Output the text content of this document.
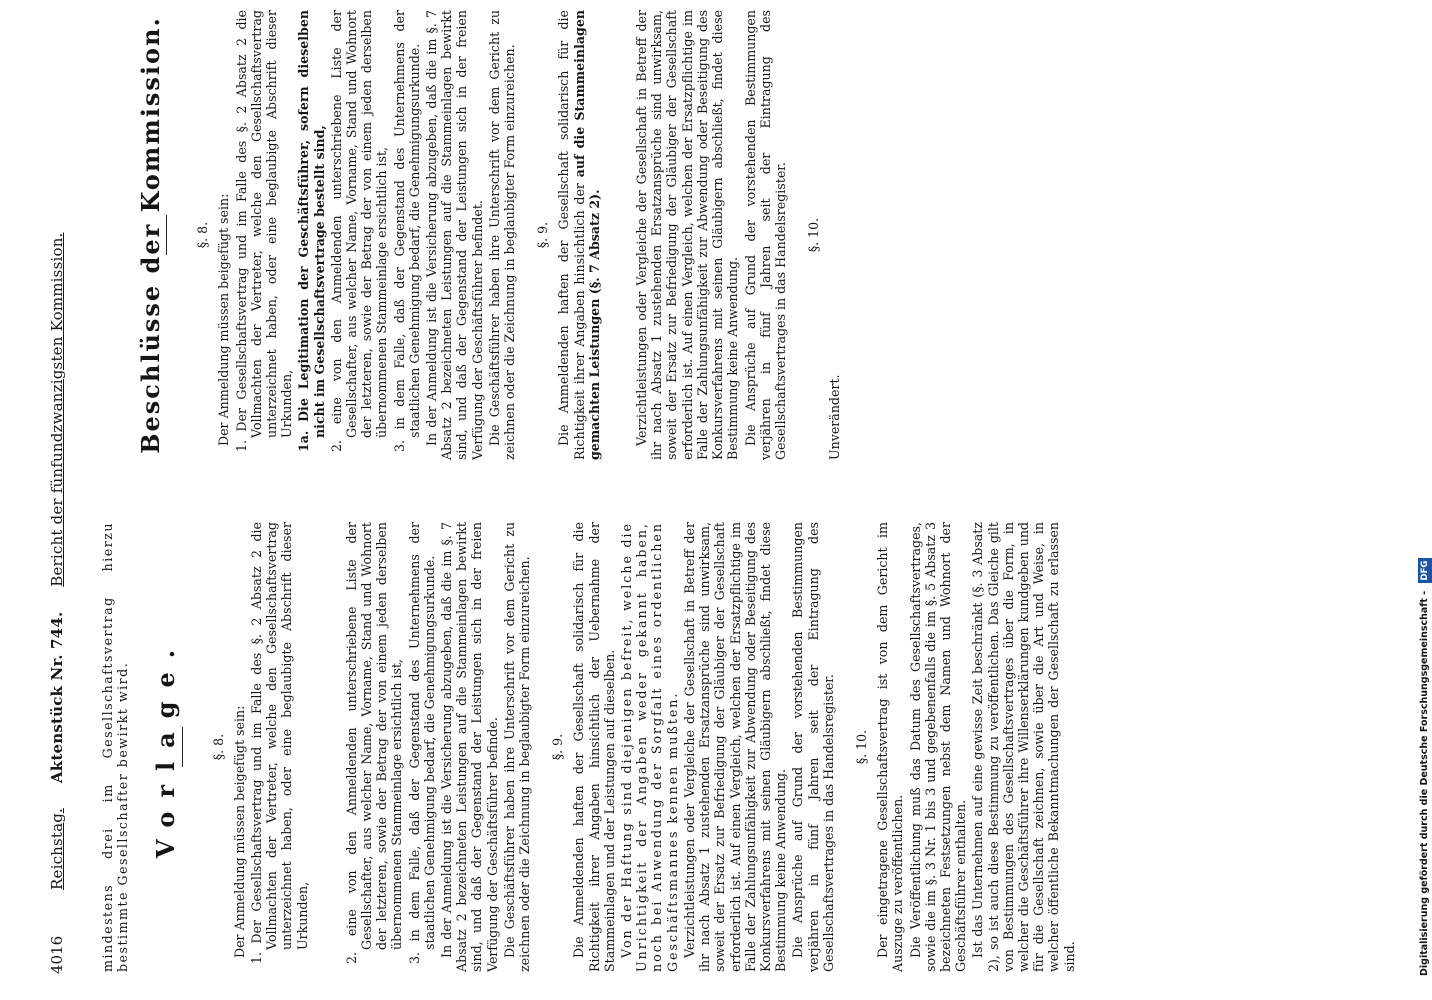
4016
Reichstag.     Aktenstück Nr. 744.     Bericht der fünfundzwanzigsten Kommission.

mindestens drei im Gesellschaftsvertrag hierzu bestimmte Gesellschafter bewirkt wird. Vorlage. §. 8. Der Anmeldung müssen beigefügt sein: 1. Der Gesellschaftsvertrag und im Falle des §. 2 Absatz 2 die Vollmachten der Vertreter, welche den Gesellschaftsvertrag unterzeichnet haben, oder eine beglaubigte Abschrift dieser Urkunden,	2. eine von den Anmeldenden unterschriebene Liste der Gesellschafter, aus welcher Name, Vorname, Stand und Wohnort der letzteren, sowie der Betrag der von einem jeden derselben übernommenen Stammeinlage ersichtlich ist, 3. in dem Falle, daß der Gegenstand des Unternehmens der staatlichen Genehmigung bedarf, die Genehmigungsurkunde. In der Anmeldung ist die Versicherung abzugeben, daß die im §. 7 Absatz 2 bezeichneten Leistungen auf die Stammeinlagen bewirkt sind, und daß der Gegenstand der Leistungen sich in der freien Verfügung der Geschäftsführer befinde. Die Geschäftsführer haben ihre Unterschrift vor dem Gericht zu zeichnen oder die Zeichnung in beglaubigter Form einzureichen. §. 9. Die Anmeldenden haften der Gesellschaft solidarisch für die Richtigkeit ihrer Angaben hinsichtlich der Uebernahme der Stammeinlagen und der Leistungen auf dieselben. Von der Haftung sind diejenigen befreit, welche die Unrichtigkeit der Angaben weder gekannt haben, noch bei Anwendung der Sorgfalt eines ordentlichen Geschäftsmannes kennen mußten. Verzichtleistungen oder Vergleiche der Gesellschaft in Betreff der ihr nach Absatz 1 zustehenden Ersatzansprüche sind unwirksam, soweit der Ersatz zur Befriedigung der Gläubiger der Gesellschaft erforderlich ist. Auf einen Vergleich, welchen der Ersatzpflichtige im Falle der Zahlungsunfähigkeit zur Abwendung oder Beseitigung des Konkursverfahrens mit seinen Gläubigern abschließt, findet diese Bestimmung keine Anwendung. Die Ansprüche auf Grund der vorstehenden Bestimmungen verjähren in fünf Jahren seit der Eintragung des Gesellschaftsvertrages in das Handelsregister. §. 10. Der eingetragene Gesellschaftsvertrag ist von dem Gericht im Auszuge zu veröffentlichen. Die Veröffentlichung muß das Datum des Gesellschaftsvertrages, sowie die im §. 3 Nr. 1 bis 3 und gegebenenfalls die im §. 5 Absatz 3 bezeichneten Festsetzungen nebst dem Namen und Wohnort der Geschäftsführer enthalten. Ist das Unternehmen auf eine gewisse Zeit beschränkt (§. 3 Absatz 2), so ist auch diese Bestimmung zu veröffentlichen. Das Gleiche gilt von Bestimmungen des Gesellschaftsvertrages über die Form, in welcher die Geschäftsführer ihre Willenserklärungen kundgeben und für die Gesellschaft zeichnen, sowie über die Art und Weise, in welcher öffentliche Bekanntmachungen der Gesellschaft zu erlassen sind.

Beschlüsse der Kommission. §. 8. Der Anmeldung müssen beigefügt sein: 1. Der Gesellschaftsvertrag und im Falle des §. 2 Absatz 2 die Vollmachten der Vertreter, welche den Gesellschaftsvertrag unterzeichnet haben, oder eine beglaubigte Abschrift dieser Urkunden, 1a. Die Legitimation der Geschäftsführer, sofern dieselben nicht im Gesellschaftsvertrage bestellt sind, 2. eine von den Anmeldenden unterschriebene Liste der Gesellschafter, aus welcher Name, Vorname, Stand und Wohnort der letzteren, sowie der Betrag der von einem jeden derselben übernommenen Stammeinlage ersichtlich ist, 3. in dem Falle, daß der Gegenstand des Unternehmens der staatlichen Genehmigung bedarf, die Genehmigungsurkunde. In der Anmeldung ist die Versicherung abzugeben, daß die im §. 7 Absatz 2 bezeichneten Leistungen auf die Stammeinlagen bewirkt sind, und daß der Gegenstand der Leistungen sich in der freien Verfügung der Geschäftsführer befindet. Die Geschäftsführer haben ihre Unterschrift vor dem Gericht zu zeichnen oder die Zeichnung in beglaubigter Form einzureichen. §. 9. Die Anmeldenden haften der Gesellschaft solidarisch für die Richtigkeit ihrer Angaben hinsichtlich der auf die Stammeinlagen gemachten Leistungen (§. 7 Absatz 2).	Verzichtleistungen oder Vergleiche der Gesellschaft in Betreff der ihr nach Absatz 1 zustehenden Ersatzansprüche sind unwirksam, soweit der Ersatz zur Befriedigung der Gläubiger der Gesellschaft erforderlich ist. Auf einen Vergleich, welchen der Ersatzpflichtige im Falle der Zahlungsunfähigkeit zur Abwendung oder Beseitigung des Konkursverfahrens mit seinen Gläubigern abschließt, findet diese Bestimmung keine Anwendung. Die Ansprüche auf Grund der vorstehenden Bestimmungen verjähren in fünf Jahren seit der Eintragung des Gesellschaftsvertrages in das Handelsregister. §. 10.

Unverändert.

Digitalisierung gefördert durch die Deutsche Forschungsgemeinschaft - DFG
